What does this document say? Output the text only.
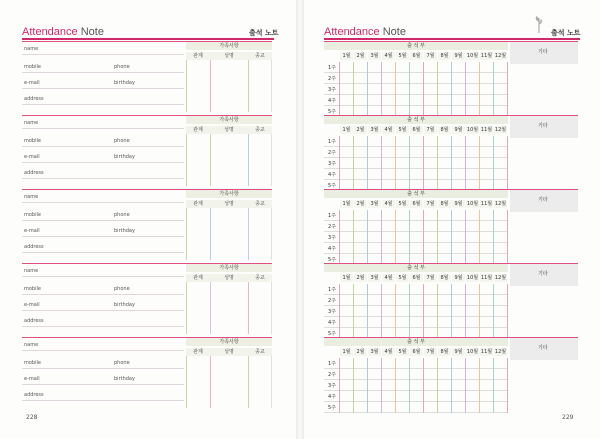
Attendance Note	출석 노트
name
mobile	phone
e-mail	birthday
address
가족사항
관계	성명	종교
name
mobile	phone
e-mail	birthday
address
가족사항
관계	성명	종교
name
mobile	phone
e-mail	birthday
address
가족사항
관계	성명	종교
name
mobile	phone
e-mail	birthday
address
가족사항
관계	성명	종교
name
mobile	phone
e-mail	birthday
address
가족사항
관계	성명	종교
228
Attendance Note	출석 노트
출 석 부
1월	2월	3월	4월	5월	6월	7월	8월	9월 10월 11월 12월
1주
2주
3주
4주
5주
기타
출 석 부
1월	2월	3월	4월	5월	6월	7월	8월	9월 10월 11월 12월
1주
2주
3주
4주
5주
기타
출 석 부
1월	2월	3월	4월	5월	6월	7월	8월	9월 10월 11월 12월
1주
2주
3주
4주
5주
기타
출 석 부
1월	2월	3월	4월	5월	6월	7월	8월	9월 10월 11월 12월
1주
2주
3주
4주
5주
기타
출 석 부
1월	2월	3월	4월	5월	6월	7월	8월	9월 10월 11월 12월
1주
2주
3주
4주
5주
기타
229
